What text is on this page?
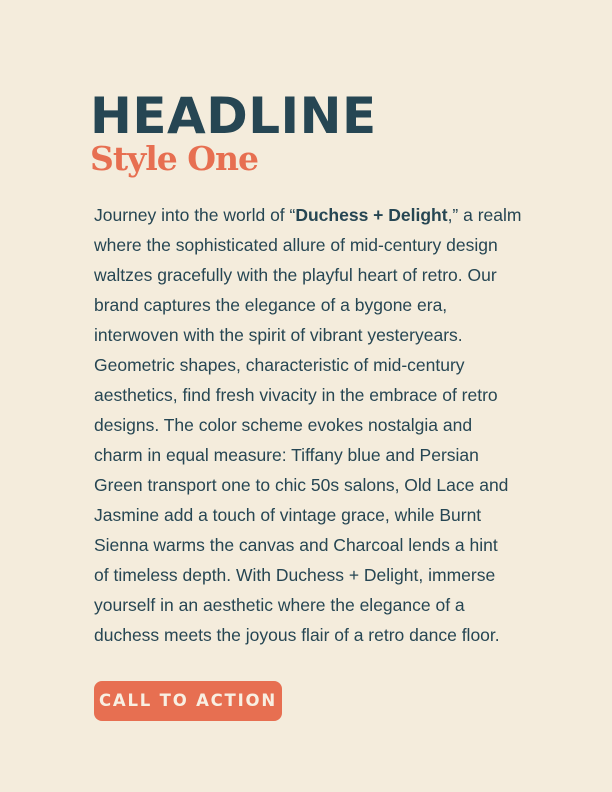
HEADLINE
Style One

Journey into the world of “Duchess + Delight,” a realm
where the sophisticated allure of mid-century design
waltzes gracefully with the playful heart of retro. Our
brand captures the elegance of a bygone era,
interwoven with the spirit of vibrant yesteryears.
Geometric shapes, characteristic of mid-century
aesthetics, find fresh vivacity in the embrace of retro
designs. The color scheme evokes nostalgia and
charm in equal measure: Tiffany blue and Persian
Green transport one to chic 50s salons, Old Lace and
Jasmine add a touch of vintage grace, while Burnt
Sienna warms the canvas and Charcoal lends a hint
of timeless depth. With Duchess + Delight, immerse
yourself in an aesthetic where the elegance of a
duchess meets the joyous flair of a retro dance floor.

CALL TO ACTION
